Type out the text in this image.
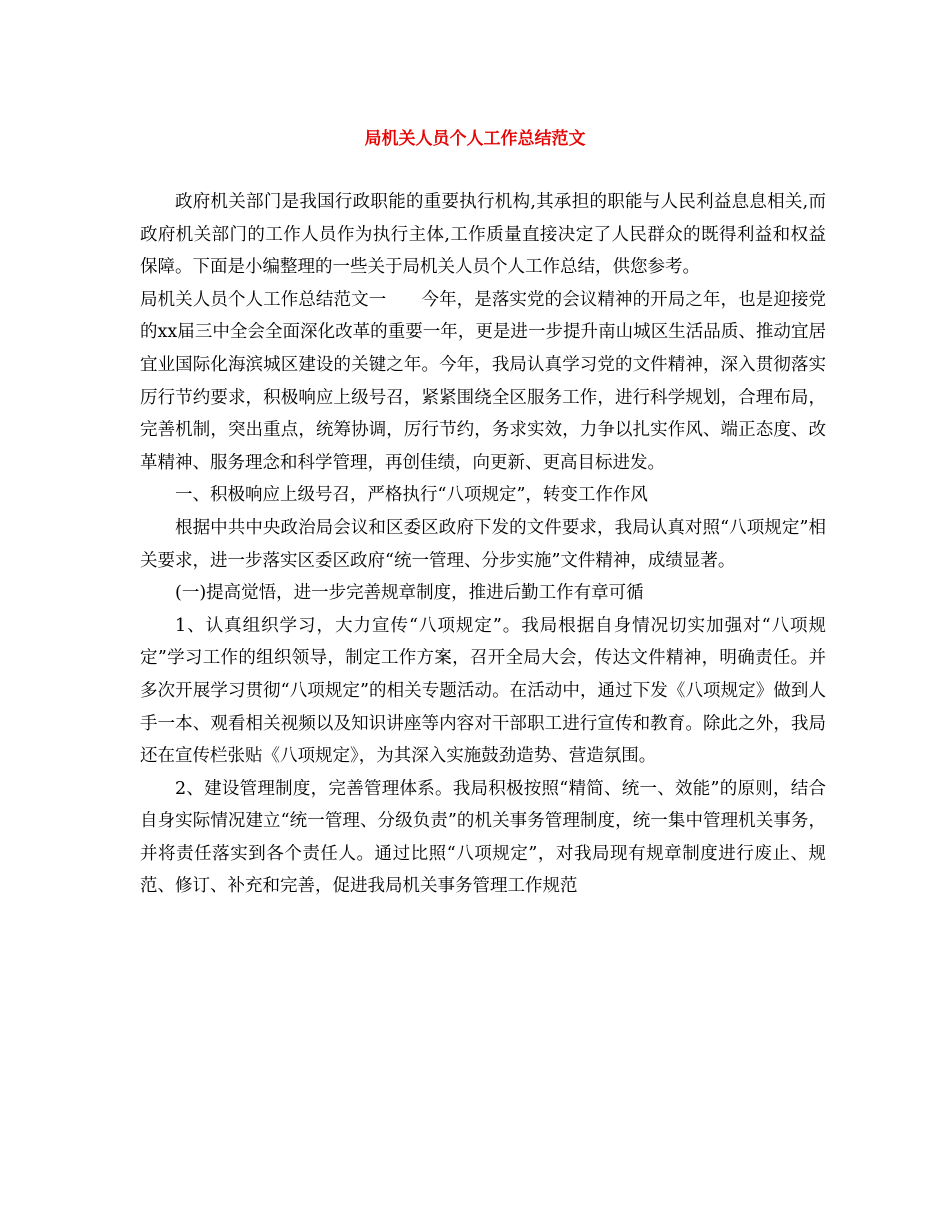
局机关人员个人工作总结范文

政府机关部门是我国行政职能的重要执行机构,其承担的职能与人民利益息息相关,而政府机关部门的工作人员作为执行主体,工作质量直接决定了人民群众的既得利益和权益保障。下面是小编整理的一些关于局机关人员个人工作总结，供您参考。

局机关人员个人工作总结范文一　　今年，是落实党的会议精神的开局之年，也是迎接党的xx届三中全会全面深化改革的重要一年，更是进一步提升南山城区生活品质、推动宜居宜业国际化海滨城区建设的关键之年。今年，我局认真学习党的文件精神，深入贯彻落实厉行节约要求，积极响应上级号召，紧紧围绕全区服务工作，进行科学规划，合理布局，完善机制，突出重点，统筹协调，厉行节约，务求实效，力争以扎实作风、端正态度、改革精神、服务理念和科学管理，再创佳绩，向更新、更高目标进发。

一、积极响应上级号召，严格执行“八项规定”，转变工作作风

根据中共中央政治局会议和区委区政府下发的文件要求，我局认真对照“八项规定”相关要求，进一步落实区委区政府“统一管理、分步实施”文件精神，成绩显著。

(一)提高觉悟，进一步完善规章制度，推进后勤工作有章可循

1、认真组织学习，大力宣传“八项规定”。我局根据自身情况切实加强对“八项规定”学习工作的组织领导，制定工作方案，召开全局大会，传达文件精神，明确责任。并多次开展学习贯彻“八项规定”的相关专题活动。在活动中，通过下发《八项规定》做到人手一本、观看相关视频以及知识讲座等内容对干部职工进行宣传和教育。除此之外，我局还在宣传栏张贴《八项规定》，为其深入实施鼓劲造势、营造氛围。

2、建设管理制度，完善管理体系。我局积极按照“精简、统一、效能”的原则，结合自身实际情况建立“统一管理、分级负责”的机关事务管理制度，统一集中管理机关事务，并将责任落实到各个责任人。通过比照“八项规定”，对我局现有规章制度进行废止、规范、修订、补充和完善，促进我局机关事务管理工作规范
